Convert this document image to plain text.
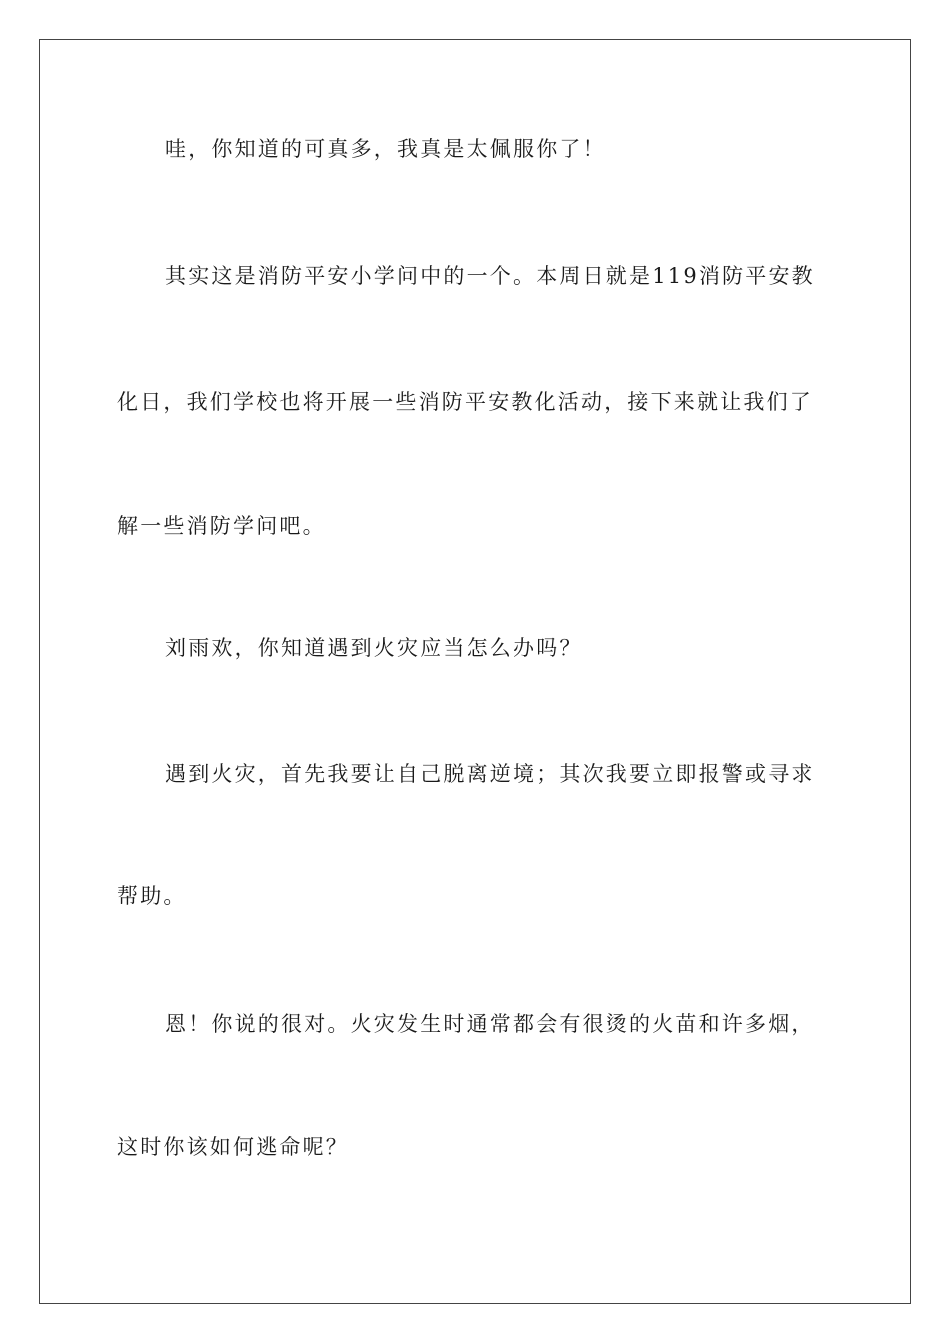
哇，你知道的可真多，我真是太佩服你了！
其实这是消防平安小学问中的一个。本周日就是119消防平安教
化日，我们学校也将开展一些消防平安教化活动，接下来就让我们了
解一些消防学问吧。
刘雨欢，你知道遇到火灾应当怎么办吗？
遇到火灾，首先我要让自己脱离逆境；其次我要立即报警或寻求
帮助。
恩！你说的很对。火灾发生时通常都会有很烫的火苗和许多烟，
这时你该如何逃命呢？
